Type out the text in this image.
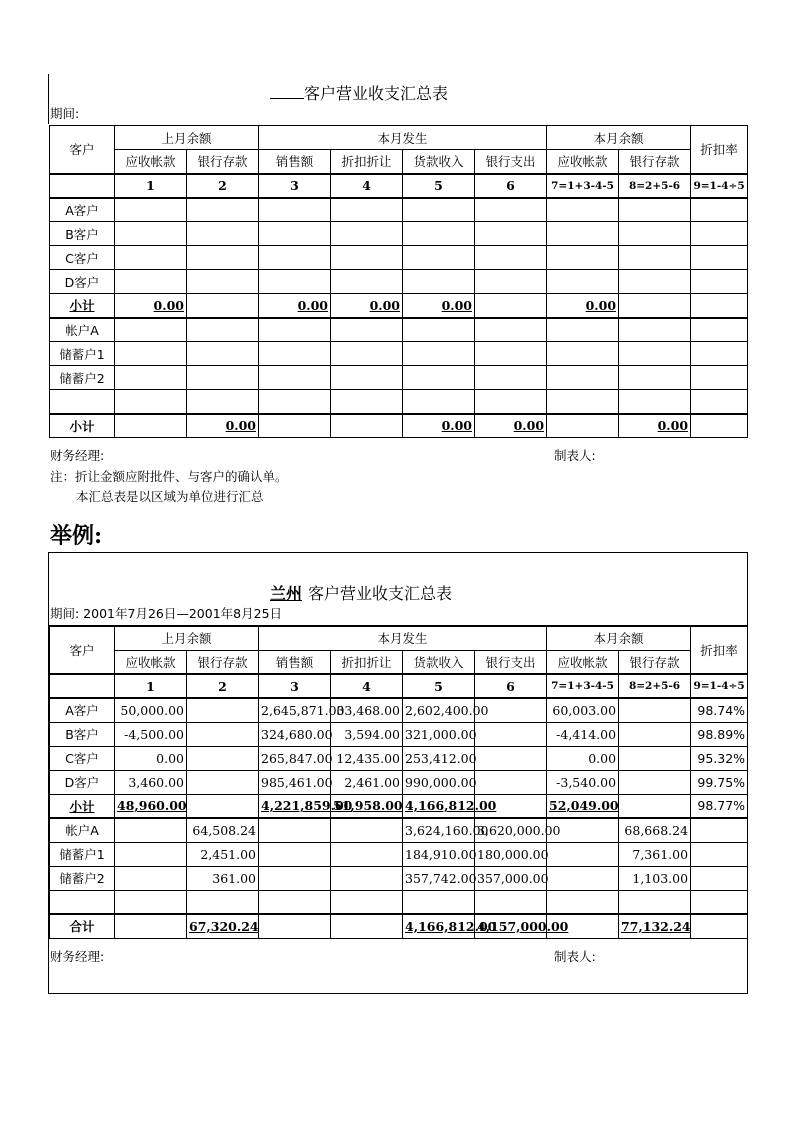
客户营业收支汇总表
期间:
客户	上月余额		本月发生				本月余额		折扣率
	应收帐款	银行存款	销售额	折扣折让	货款收入	银行支出	应收帐款	银行存款	
	1	2	3	4	5	6	7=1+3-4-5	8=2+5-6	9=1-4÷5
A客户									
B客户									
C客户									
D客户									
小计	0.00		0.00	0.00	0.00		0.00		
帐户A									
储蓄户1									
储蓄户2									

小计		0.00			0.00	0.00		0.00	
财务经理:	制表人:
注：折让金额应附批件、与客户的确认单。
本汇总表是以区域为单位进行汇总
举例:
兰州 客户营业收支汇总表
期间: 2001年7月26日—2001年8月25日
客户	上月余额		本月发生				本月余额		折扣率
	应收帐款	银行存款	销售额	折扣折让	货款收入	银行支出	应收帐款	银行存款	
	1	2	3	4	5	6	7=1+3-4-5	8=2+5-6	9=1-4÷5
A客户	50,000.00		2,645,871.00	33,468.00	2,602,400.00		60,003.00		98.74%
B客户	-4,500.00		324,680.00	3,594.00	321,000.00		-4,414.00		98.89%
C客户	0.00		265,847.00	12,435.00	253,412.00		0.00		95.32%
D客户	3,460.00		985,461.00	2,461.00	990,000.00		-3,540.00		99.75%
小计	48,960.00		4,221,859.00	51,958.00	4,166,812.00		52,049.00		98.77%
帐户A		64,508.24			3,624,160.00	3,620,000.00		68,668.24	
储蓄户1		2,451.00			184,910.00	180,000.00		7,361.00	
储蓄户2		361.00			357,742.00	357,000.00		1,103.00	

合计		67,320.24			4,166,812.00	4,157,000.00		77,132.24	
财务经理:	制表人:
